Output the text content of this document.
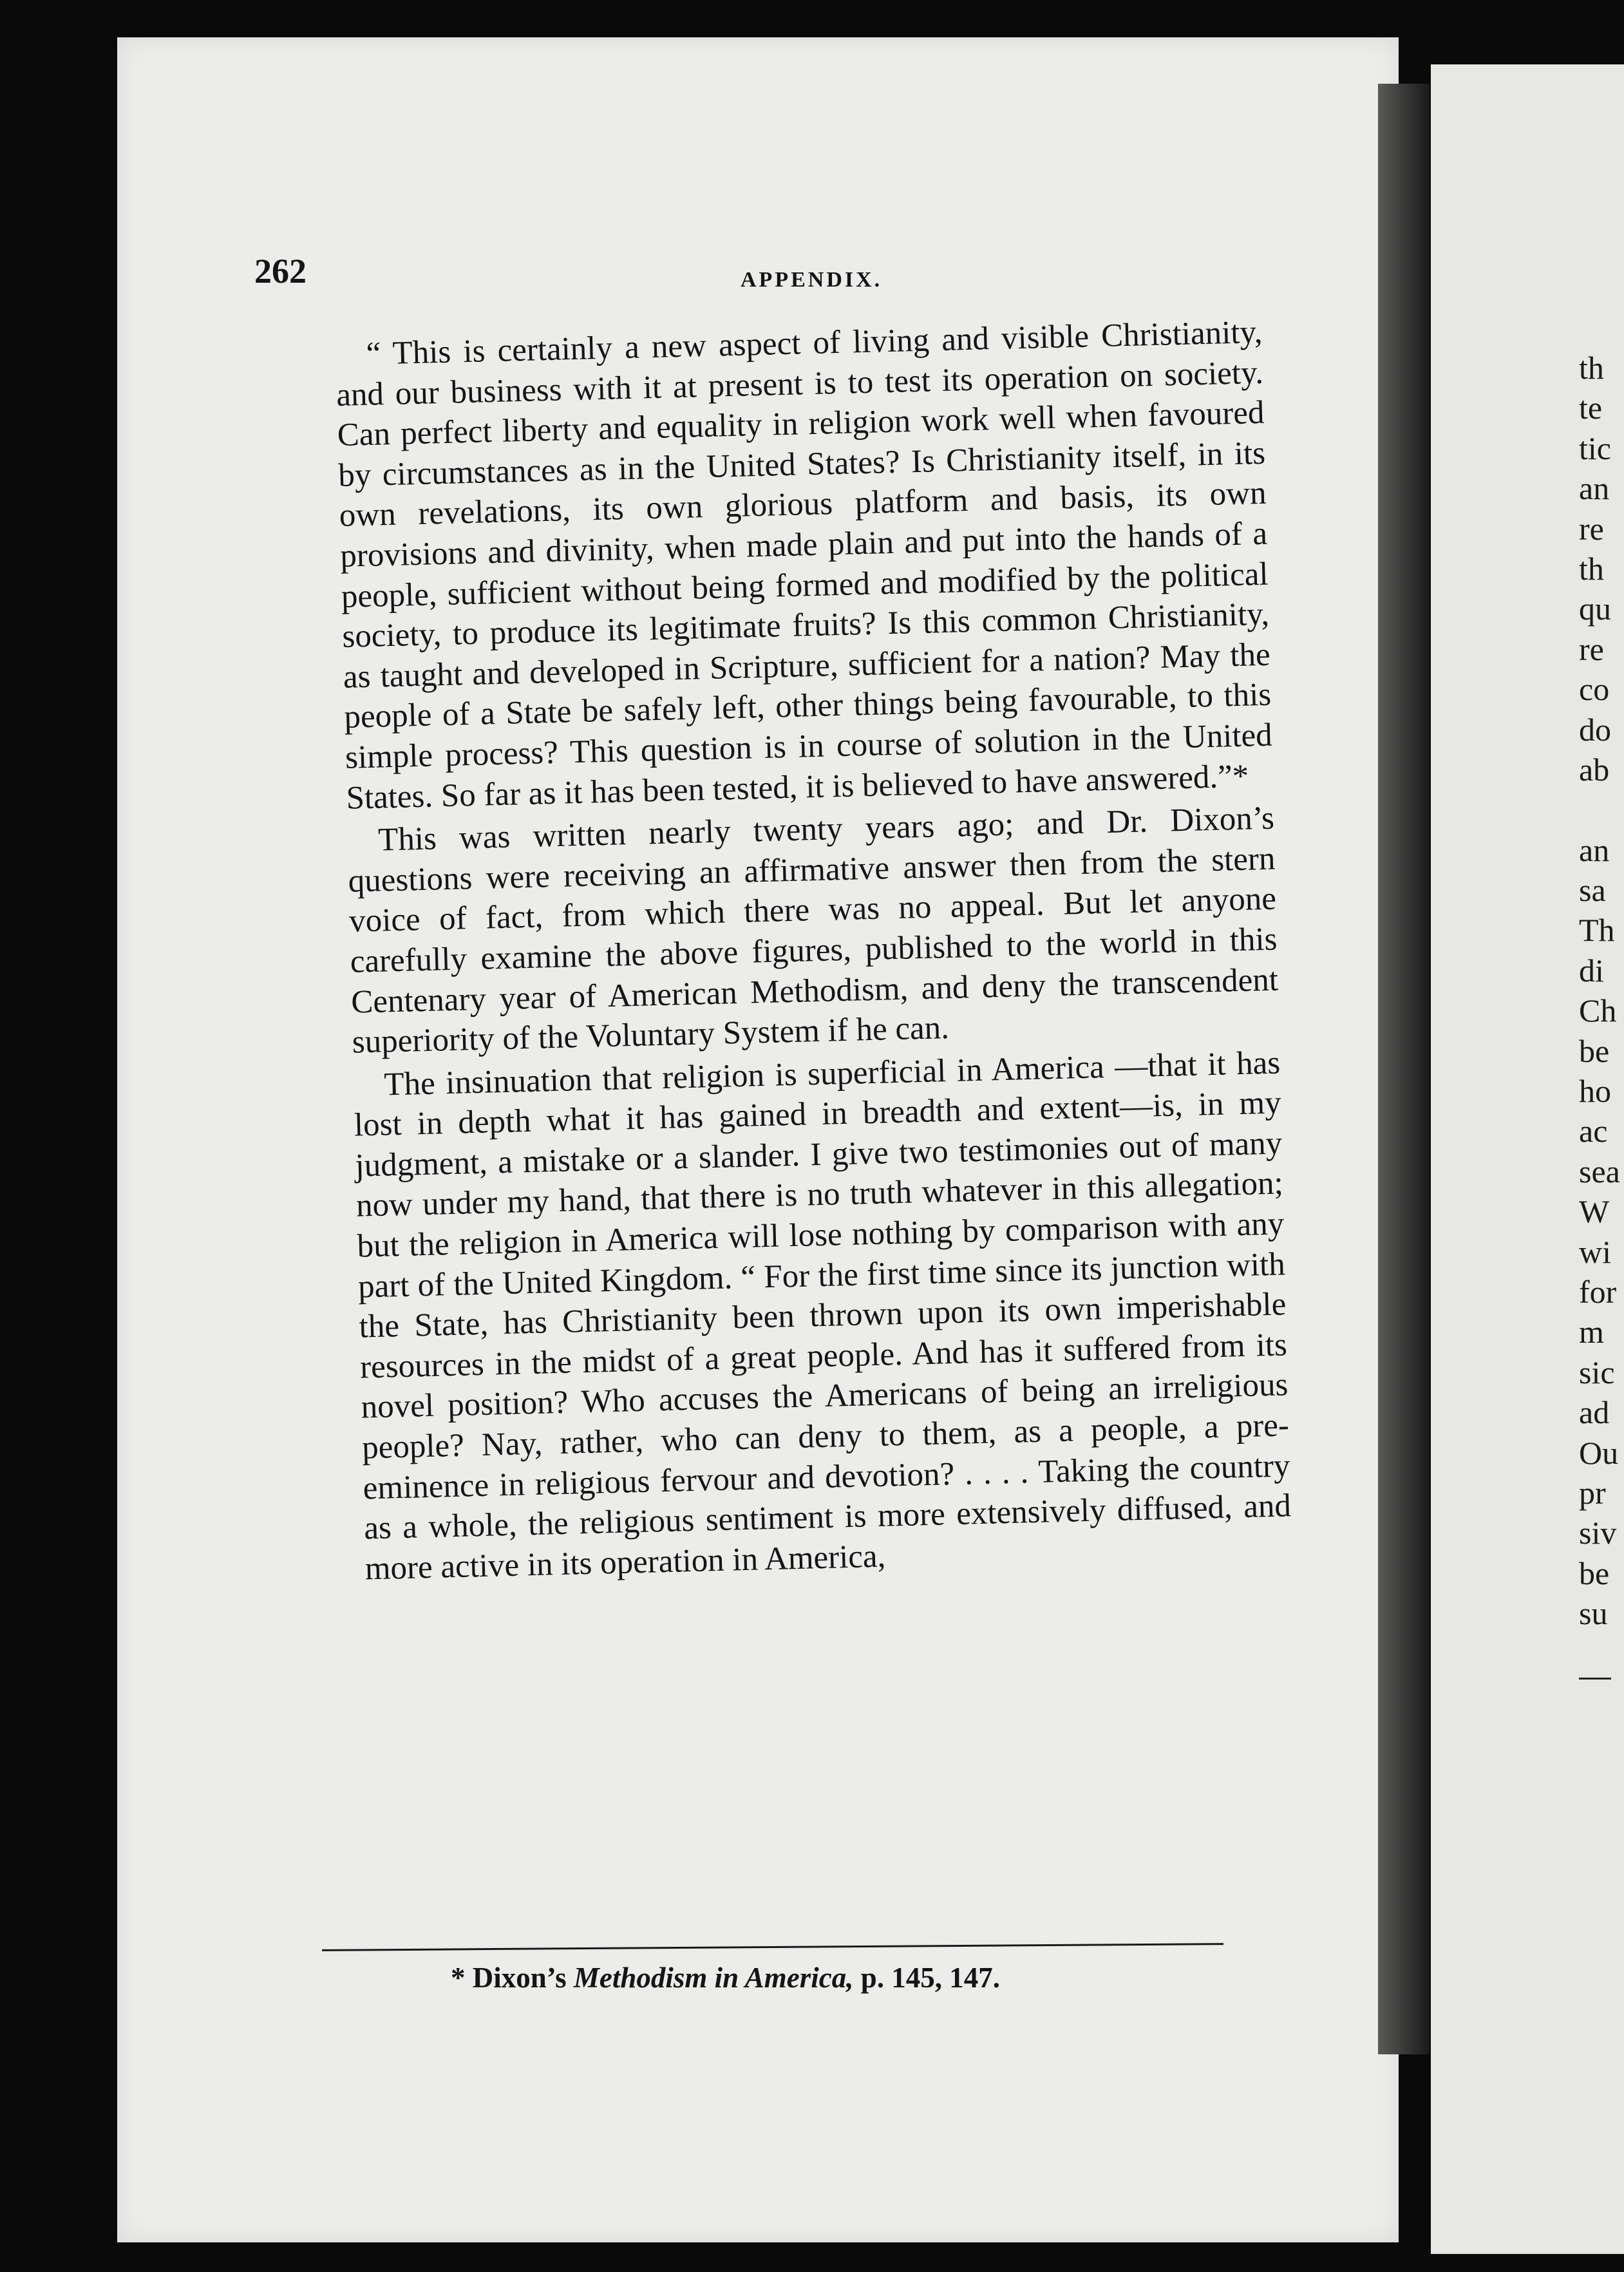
262	APPENDIX.

“ This is certainly a new aspect of living and visible Christianity, and our business with it at present is to test its operation on society. Can perfect liberty and equality in religion work well when favoured by circumstances as in the United States? Is Christianity itself, in its own revelations, its own glorious platform and basis, its own provisions and divinity, when made plain and put into the hands of a people, sufficient without being formed and modified by the political society, to produce its legitimate fruits? Is this common Christianity, as taught and developed in Scripture, sufficient for a nation? May the people of a State be safely left, other things being favourable, to this simple process? This question is in course of solution in the United States. So far as it has been tested, it is believed to have answered.”*

This was written nearly twenty years ago; and Dr. Dixon’s questions were receiving an affirmative answer then from the stern voice of fact, from which there was no appeal. But let anyone carefully examine the above figures, published to the world in this Centenary year of American Methodism, and deny the transcendent superiority of the Voluntary System if he can.

The insinuation that religion is superficial in America —that it has lost in depth what it has gained in breadth and extent—is, in my judgment, a mistake or a slander. I give two testimonies out of many now under my hand, that there is no truth whatever in this allegation; but the religion in America will lose nothing by comparison with any part of the United Kingdom. “ For the first time since its junction with the State, has Christianity been thrown upon its own imperishable resources in the midst of a great people. And has it suffered from its novel position? Who accuses the Americans of being an irreligious people? Nay, rather, who can deny to them, as a people, a pre-eminence in religious fervour and devotion? . . . . Taking the country as a whole, the religious sentiment is more extensively diffused, and more active in its operation in America,

* Dixon’s Methodism in America, p. 145, 147.
th
te
tic
an
re
th
qu
re
co
do
ab
an
sa
Th
di
Ch
be
ho
ac
sea
W
wi
for
m
sic
ad
Ou
pr
siv
be
su
